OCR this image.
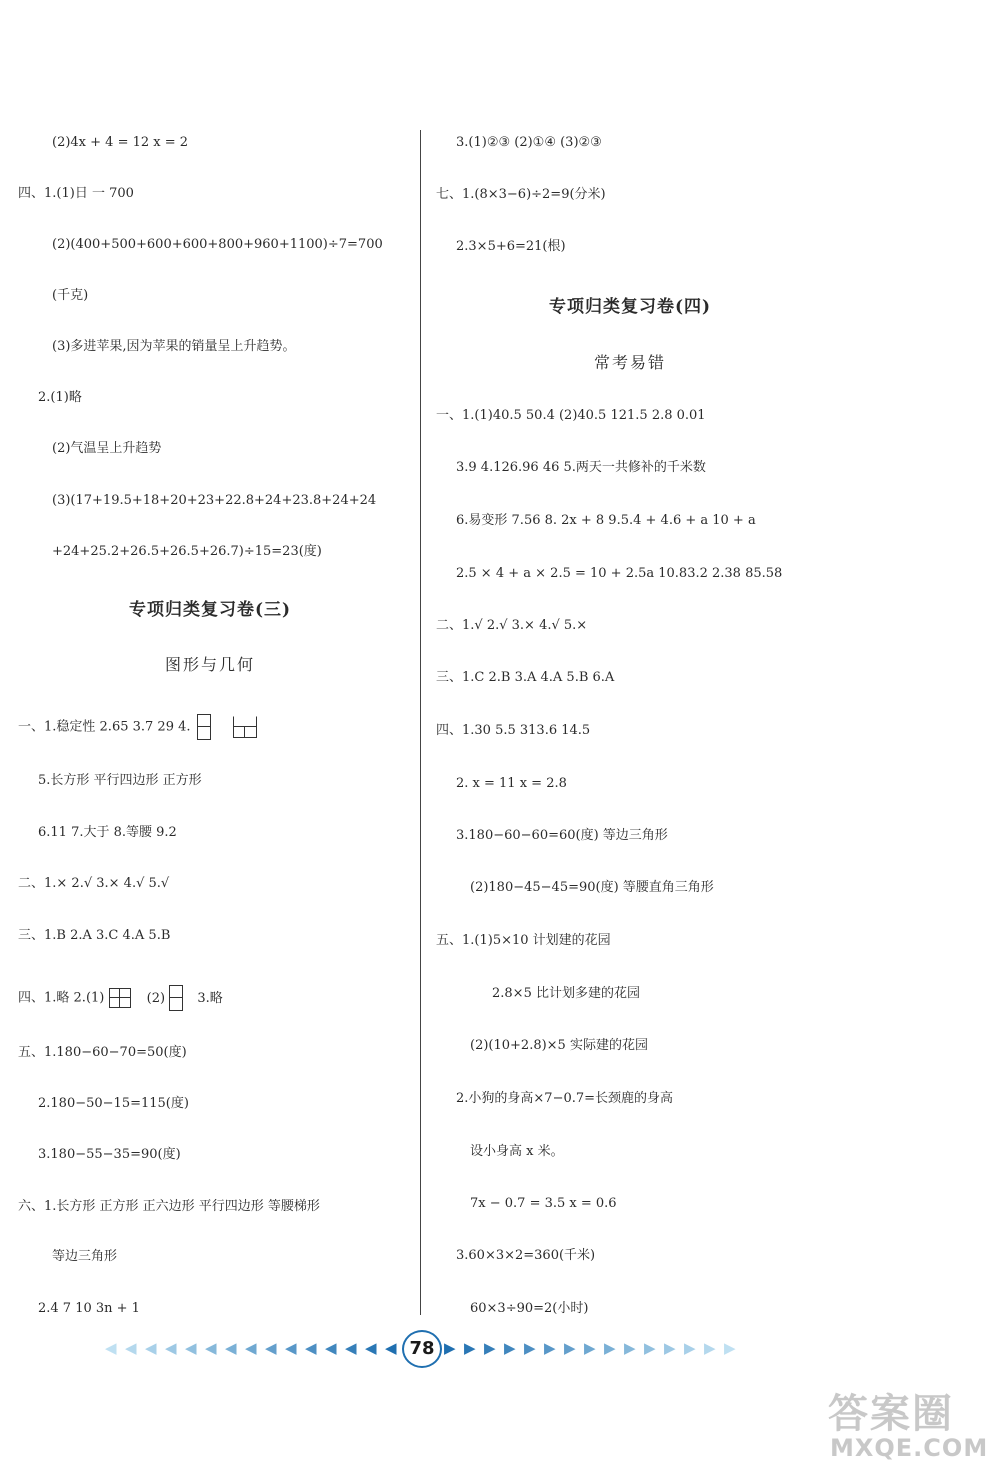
(2)4x + 4 = 12 x = 2
四、1.(1)日 一 700
(2)(400+500+600+600+800+960+1100)÷7=700
(千克)
(3)多进苹果,因为苹果的销量呈上升趋势。
2.(1)略
(2)气温呈上升趋势
(3)(17+19.5+18+20+23+22.8+24+23.8+24+24
+24+25.2+26.5+26.5+26.7)÷15=23(度)
专项归类复习卷(三)
图形与几何
一、1.稳定性 2.65 3.7 29 4.
5.长方形 平行四边形 正方形
6.11 7.大于 8.等腰 9.2
二、1.× 2.√ 3.× 4.√ 5.√
三、1.B 2.A 3.C 4.A 5.B
四、1.略 2.(1)	(2) 3.略
五、1.180−60−70=50(度)
2.180−50−15=115(度)
3.180−55−35=90(度)
六、1.长方形 正方形 正六边形 平行四边形 等腰梯形
等边三角形
2.4 7 10 3n + 1
3.(1)②③ (2)①④ (3)②③
七、1.(8×3−6)÷2=9(分米)
2.3×5+6=21(根)
专项归类复习卷(四)
常考易错
一、1.(1)40.5 50.4 (2)40.5 121.5 2.8 0.01
3.9 4.126.96 46 5.两天一共修补的千米数
6.易变形 7.56 8. 2x + 8 9.5.4 + 4.6 + a 10 + a
2.5 × 4 + a × 2.5 = 10 + 2.5a 10.83.2 2.38 85.58
二、1.√ 2.√ 3.× 4.√ 5.×
三、1.C 2.B 3.A 4.A 5.B 6.A
四、1.30 5.5 313.6 14.5
2. x = 11 x = 2.8
3.180−60−60=60(度) 等边三角形
(2)180−45−45=90(度) 等腰直角三角形
五、1.(1)5×10 计划建的花园
2.8×5 比计划多建的花园
(2)(10+2.8)×5 实际建的花园
2.小狗的身高×7−0.7=长颈鹿的身高
设小身高 x 米。
7x − 0.7 = 3.5 x = 0.6
3.60×3×2=360(千米)
60×3÷90=2(小时)
◀ ◀ ◀ ◀ ◀ ◀ ◀ ◀ ◀ ◀ ◀ ◀ ◀ ◀ ◀ 78 ▶ ▶ ▶ ▶ ▶ ▶ ▶ ▶ ▶ ▶ ▶ ▶ ▶ ▶ ▶
答案圈
MXQE.COM
